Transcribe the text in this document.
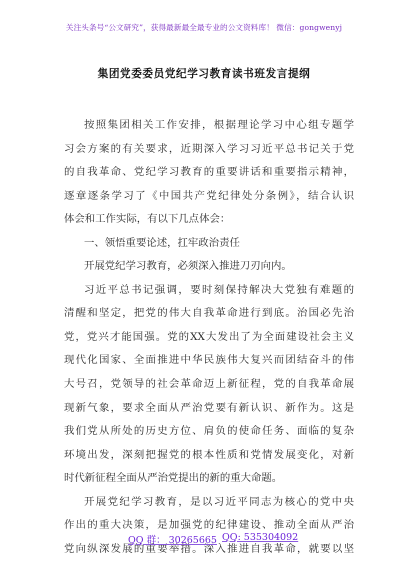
关注头条号“公文研究”，获得最新最全最专业的公文资料库！ 微信：gongwenyj
集团党委委员党纪学习教育读书班发言提纲
按照集团相关工作安排，根据理论学习中心组专题学
习会方案的有关要求，近期深入学习习近平总书记关于党
的自我革命、党纪学习教育的重要讲话和重要指示精神，
逐章逐条学习了《中国共产党纪律处分条例》，结合认识
体会和工作实际，有以下几点体会：
一、领悟重要论述，扛牢政治责任
开展党纪学习教育，必须深入推进刀刃向内。
习近平总书记强调，要时刻保持解决大党独有难题的
清醒和坚定，把党的伟大自我革命进行到底。治国必先治
党，党兴才能国强。党的XX大发出了为全面建设社会主义
现代化国家、全面推进中华民族伟大复兴而团结奋斗的伟
大号召，党领导的社会革命迈上新征程，党的自我革命展
现新气象，要求全面从严治党要有新认识、新作为。这是
我们党从所处的历史方位、肩负的使命任务、面临的复杂
环境出发，深刻把握党的根本性质和党情发展变化，对新
时代新征程全面从严治党提出的新的重大命题。
开展党纪学习教育，是以习近平同志为核心的党中央
作出的重大决策，是加强党的纪律建设、推动全面从严治
党向纵深发展的重要举措。深入推进自我革命，就要以坚
QQ 群： 30265665 QQ: 535304092
